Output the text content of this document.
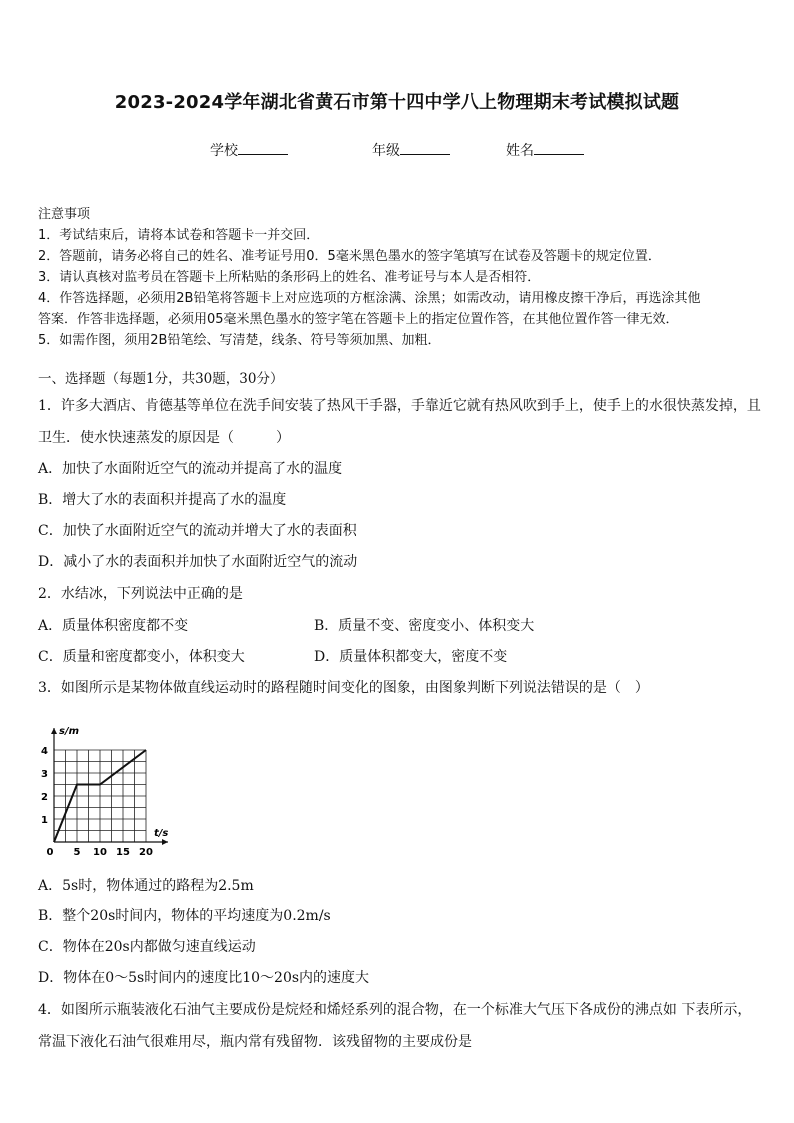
2023-2024学年湖北省黄石市第十四中学八上物理期末考试模拟试题
学校	年级	姓名
注意事项
1．考试结束后，请将本试卷和答题卡一并交回．
2．答题前，请务必将自己的姓名、准考证号用0．5毫米黑色墨水的签字笔填写在试卷及答题卡的规定位置．
3．请认真核对监考员在答题卡上所粘贴的条形码上的姓名、准考证号与本人是否相符．
4．作答选择题，必须用2B铅笔将答题卡上对应选项的方框涂满、涂黑；如需改动，请用橡皮擦干净后，再选涂其他
答案．作答非选择题，必须用05毫米黑色墨水的签字笔在答题卡上的指定位置作答，在其他位置作答一律无效．
5．如需作图，须用2B铅笔绘、写清楚，线条、符号等须加黑、加粗．
一、选择题（每题1分，共30题，30分）
1．许多大酒店、肯德基等单位在洗手间安装了热风干手器，手靠近它就有热风吹到手上，使手上的水很快蒸发掉，且
卫生．使水快速蒸发的原因是（　　　）
A．加快了水面附近空气的流动并提高了水的温度
B．增大了水的表面积并提高了水的温度
C．加快了水面附近空气的流动并增大了水的表面积
D．减小了水的表面积并加快了水面附近空气的流动
2．水结冰，下列说法中正确的是
A．质量体积密度都不变	B．质量不变、密度变小、体积变大
C．质量和密度都变小，体积变大	D．质量体积都变大，密度不变
3．如图所示是某物体做直线运动时的路程随时间变化的图象，由图象判断下列说法错误的是（　）
t/s
s/m
0 5 10 15 20
1
2
3
4
A．5s时，物体通过的路程为2.5m
B．整个20s时间内，物体的平均速度为0.2m/s
C．物体在20s内都做匀速直线运动
D．物体在0～5s时间内的速度比10～20s内的速度大
4．如图所示瓶装液化石油气主要成份是烷烃和烯烃系列的混合物，在一个标准大气压下各成份的沸点如 下表所示，
常温下液化石油气很难用尽，瓶内常有残留物．该残留物的主要成份是
